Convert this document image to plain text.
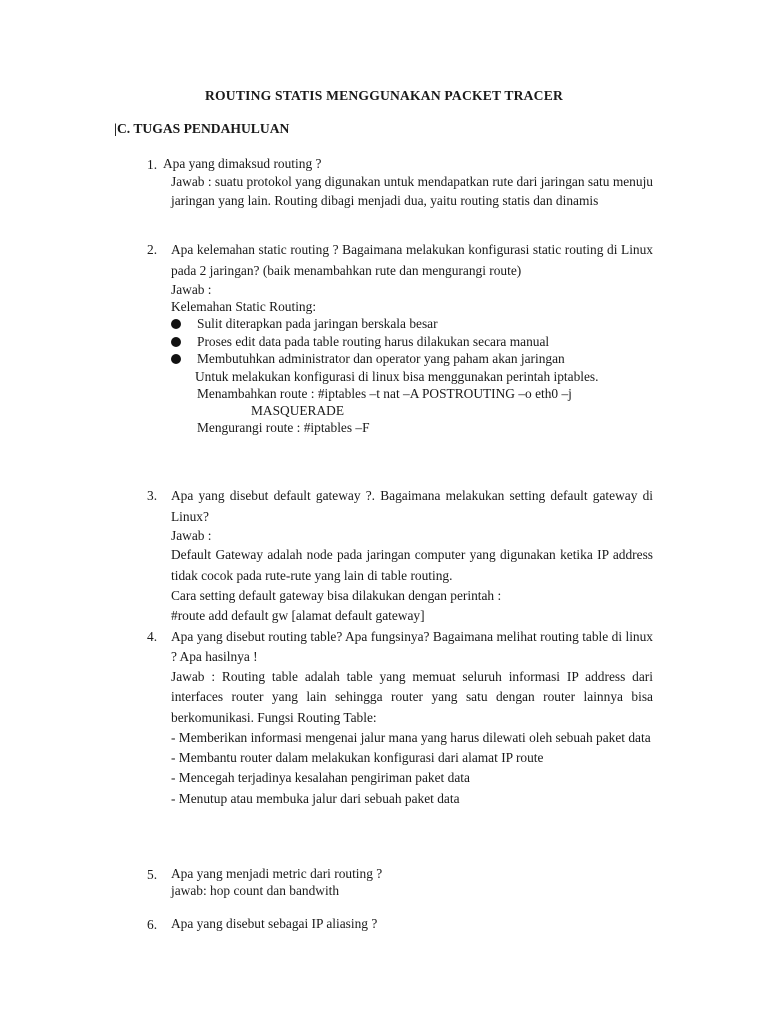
ROUTING STATIS MENGGUNAKAN PACKET TRACER
|C. TUGAS PENDAHULUAN
1. Apa yang dimaksud routing ?
Jawab : suatu protokol yang digunakan untuk mendapatkan rute dari jaringan satu menuju jaringan yang lain. Routing dibagi menjadi dua, yaitu routing statis dan dinamis
2. Apa kelemahan static routing ? Bagaimana melakukan konfigurasi static routing di Linux pada 2 jaringan? (baik menambahkan rute dan mengurangi route)
Jawab :
Kelemahan Static Routing:
Sulit diterapkan pada jaringan berskala besar
Proses edit data pada table routing harus dilakukan secara manual
Membutuhkan administrator dan operator yang paham akan jaringan
Untuk melakukan konfigurasi di linux bisa menggunakan perintah iptables.
Menambahkan route : #iptables –t nat –A POSTROUTING –o eth0 –j
MASQUERADE
Mengurangi route : #iptables –F
3. Apa yang disebut default gateway ?. Bagaimana melakukan setting default gateway di Linux?
Jawab :
Default Gateway adalah node pada jaringan computer yang digunakan ketika IP address tidak cocok pada rute-rute yang lain di table routing.
Cara setting default gateway bisa dilakukan dengan perintah :
#route add default gw [alamat default gateway]
4. Apa yang disebut routing table? Apa fungsinya? Bagaimana melihat routing table di linux ? Apa hasilnya !
Jawab : Routing table adalah table yang memuat seluruh informasi IP address dari interfaces router yang lain sehingga router yang satu dengan router lainnya bisa berkomunikasi. Fungsi Routing Table:
- Memberikan informasi mengenai jalur mana yang harus dilewati oleh sebuah paket data
- Membantu router dalam melakukan konfigurasi dari alamat IP route
- Mencegah terjadinya kesalahan pengiriman paket data
- Menutup atau membuka jalur dari sebuah paket data
5. Apa yang menjadi metric dari routing ?
jawab: hop count dan bandwith
6. Apa yang disebut sebagai IP aliasing ?
